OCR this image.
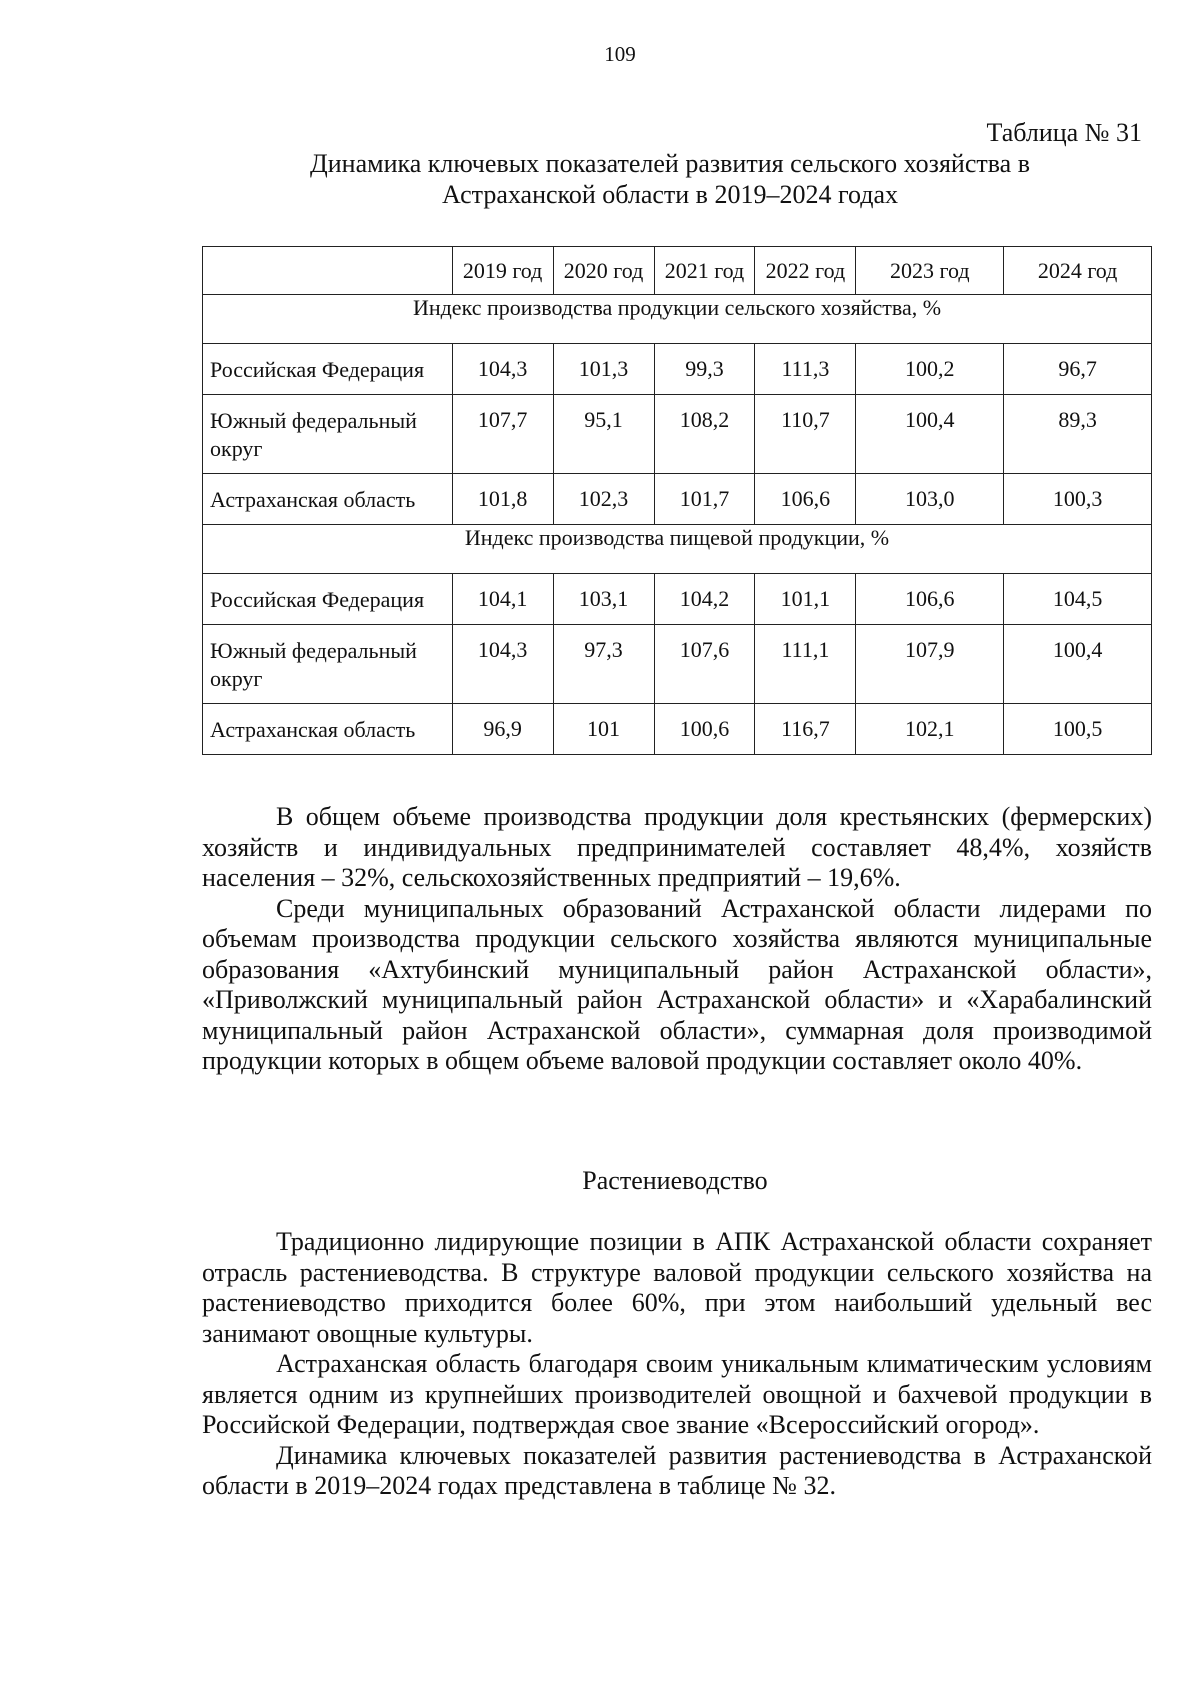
109
Таблица № 31
Динамика ключевых показателей развития сельского хозяйства в
Астраханской области в 2019–2024 годах
	2019 год	2020 год	2021 год	2022 год	2023 год	2024 год
Индекс производства продукции сельского хозяйства, %						
Российская Федерация	104,3	101,3	99,3	111,3	100,2	96,7
Южный федеральный округ	107,7	95,1	108,2	110,7	100,4	89,3
Астраханская область	101,8	102,3	101,7	106,6	103,0	100,3
Индекс производства пищевой продукции, %						
Российская Федерация	104,1	103,1	104,2	101,1	106,6	104,5
Южный федеральный округ	104,3	97,3	107,6	111,1	107,9	100,4
Астраханская область	96,9	101	100,6	116,7	102,1	100,5

В общем объеме производства продукции доля крестьянских (фермерских) хозяйств и индивидуальных предпринимателей составляет 48,4%, хозяйств населения – 32%, сельскохозяйственных предприятий – 19,6%.

Среди муниципальных образований Астраханской области лидерами по объемам производства продукции сельского хозяйства являются муниципальные образования «Ахтубинский муниципальный район Астраханской области», «Приволжский муниципальный район Астраханской области» и «Харабалинский муниципальный район Астраханской области», суммарная доля производимой продукции которых в общем объеме валовой продукции составляет около 40%.

Растениеводство

Традиционно лидирующие позиции в АПК Астраханской области сохраняет отрасль растениеводства. В структуре валовой продукции сельского хозяйства на растениеводство приходится более 60%, при этом наибольший удельный вес занимают овощные культуры.

Астраханская область благодаря своим уникальным климатическим условиям является одним из крупнейших производителей овощной и бахчевой продукции в Российской Федерации, подтверждая свое звание «Всероссийский огород».

Динамика ключевых показателей развития растениеводства в Астраханской области в 2019–2024 годах представлена в таблице № 32.
